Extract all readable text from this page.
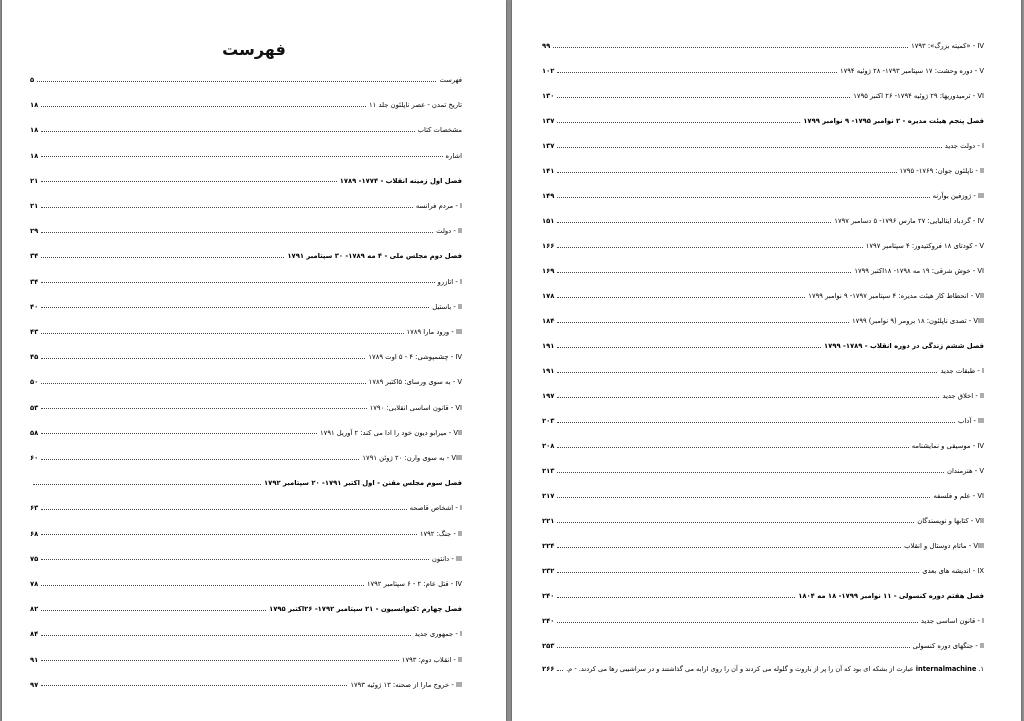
فهرست
فهرست
۵
تاریخ تمدن - عصر ناپلئون جلد ۱۱
۱۸
مشخصات کتاب
۱۸
اشاره
۱۸
فصل اول زمینه انقلاب - ۱۷۷۴- ۱۷۸۹
۲۱
I - مردم فرانسه
۲۱
II - دولت
۲۹
فصل دوم مجلس ملی - ۴ مه ۱۷۸۹- ۳۰ سپتامبر ۱۷۹۱
۳۴
I - اتازرو
۳۴
II - باستیل
۴۰
III - ورود مارا ۱۷۸۹
۴۳
IV - چشمپوشی: ۴ - ۵ اوت ۱۷۸۹
۴۵
V - به سوی ورسای: ۵اکتبر ۱۷۸۹
۵۰
VI - قانون اساسی انقلابی: ۱۷۹۰
۵۳
VII - میرابو دیون خود را ادا می کند: ۲ آوریل ۱۷۹۱
۵۸
VIII - به سوی وارن: ۲۰ ژوئن ۱۷۹۱
۶۰
فصل سوم مجلس مقنن - اول اکتبر ۱۷۹۱- ۲۰ سپتامبر ۱۷۹۲
I - اشخاص قاصحه
۶۳
II - جنگ: ۱۷۹۲
۶۸
III - دانتون
۷۵
IV - قتل عام: ۲ - ۶ سپتامبر ۱۷۹۲
۷۸
فصل چهارم :کنوانسیون - ۲۱ سپتامبر ۱۷۹۲- ۲۶اکتبر ۱۷۹۵
۸۲
I - جمهوری جدید
۸۴
II - انقلاب دوم: ۱۷۹۳
۹۱
III - خروج مارا از صحنه: ۱۳ ژوئیه ۱۷۹۳
۹۷
IV - «کمیته بزرگ»: ۱۷۹۳
۹۹
V - دوره وحشت: ۱۷ سپتامبر ۱۷۹۳- ۲۸ ژوئیه ۱۷۹۴
۱۰۲
VI - ترمیدوریها: ۲۹ ژوئیه ۱۷۹۴- ۲۶ اکتبر ۱۷۹۵
۱۳۰
فصل پنجم هیئت مدیره - ۲ نوامبر ۱۷۹۵- ۹ نوامبر ۱۷۹۹
۱۳۷
I - دولت جدید
۱۳۷
II - ناپلئون جوان: ۱۷۶۹- ۱۷۹۵
۱۴۱
III - ژوزفین بوآرنه
۱۴۹
IV - گردباد ایتالیایی: ۲۷ مارس ۱۷۹۶- ۵ دسامبر ۱۷۹۷
۱۵۱
V - کودتای ۱۸ فروکتیدور: ۴ سپتامبر ۱۷۹۷
۱۶۶
VI - خوش شرقی: ۱۹ مه ۱۷۹۸- ۱۸اکتبر ۱۷۹۹
۱۶۹
VII - انحطاط کار هیئت مدیره: ۴ سپتامبر ۱۷۹۷- ۹ نوامبر ۱۷۹۹
۱۷۸
VIII - تصدی ناپلئون: ۱۸ برومر (۹ نوامبر) ۱۷۹۹
۱۸۴
فصل ششم زندگی در دوره انقلاب - ۱۷۸۹- ۱۷۹۹
۱۹۱
I - طبقات جدید
۱۹۱
II - اخلاق جدید
۱۹۷
III - آداب
۲۰۳
IV - موسیقی و نمایشنامه
۲۰۸
V - هنرمندان
۲۱۳
VI - علم و فلسفه
۲۱۷
VII - کتابها و نویسندگان
۲۲۱
VIII - ماتام دوستال و انقلاب
۲۲۴
IX - اندیشه های بعدی
۲۳۲
فصل هفتم دوره کنسولی - ۱۱ نوامبر ۱۷۹۹- ۱۸ مه ۱۸۰۴
۲۴۰
I - قانون اساسی جدید
۲۴۰
II - جنگهای دوره کنسولی
۲۵۳
۱.
internalmachine
عبارت از بشکه ای بود که آن را پر از باروت و گلوله می کردند و آن را روی ارابه می گذاشتند و در سراشیبی رها می کردند. - م.
۲۶۶
